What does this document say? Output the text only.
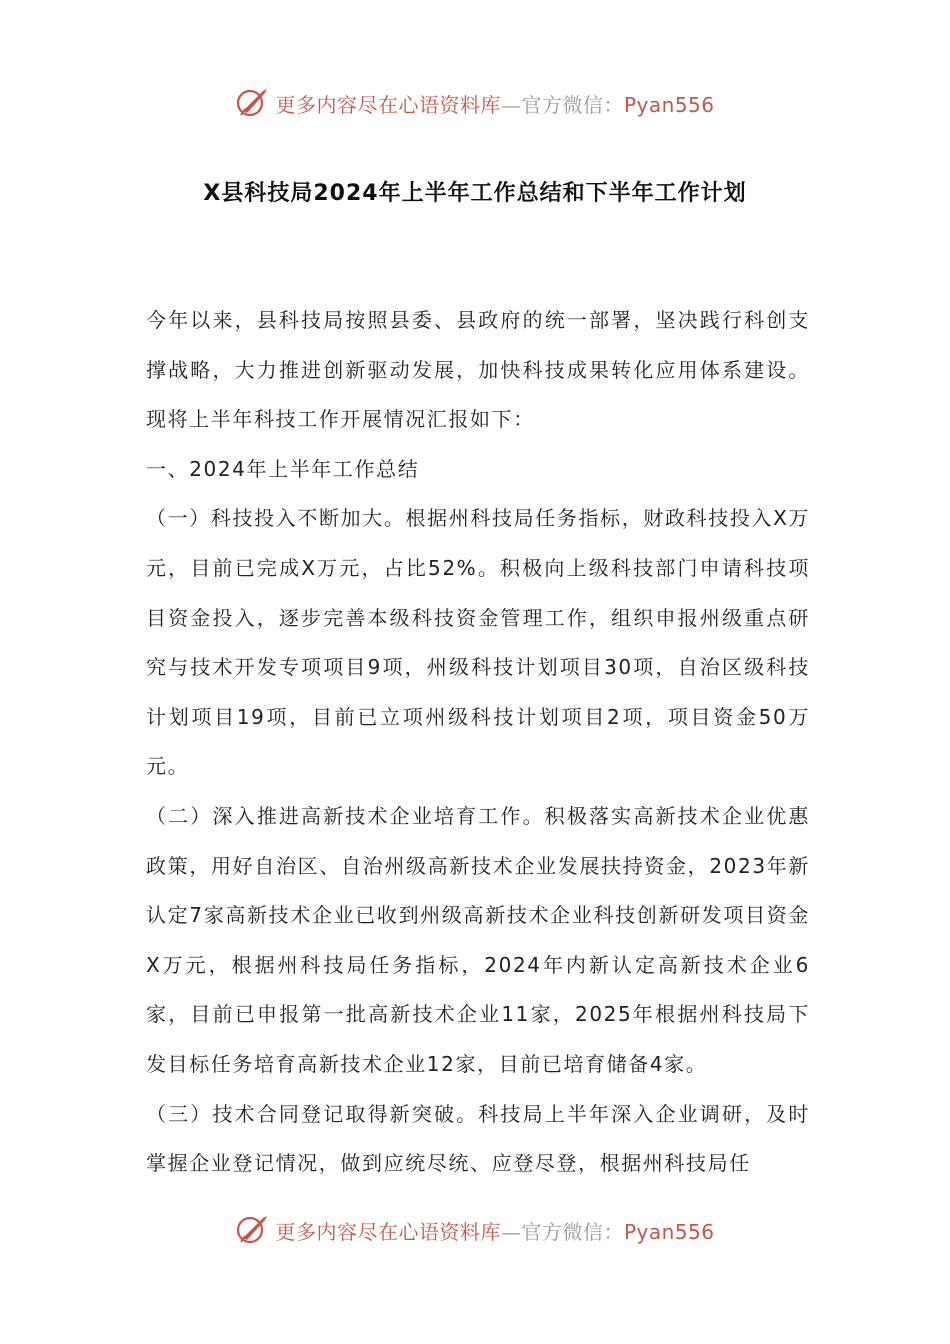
更多内容尽在心语资料库—官方微信：Pyan556
X县科技局2024年上半年工作总结和下半年工作计划

今年以来，县科技局按照县委、县政府的统一部署，坚决践行科创支撑战略，大力推进创新驱动发展，加快科技成果转化应用体系建设。现将上半年科技工作开展情况汇报如下：

一、2024年上半年工作总结

（一）科技投入不断加大。根据州科技局任务指标，财政科技投入X万元，目前已完成X万元，占比52%。积极向上级科技部门申请科技项目资金投入，逐步完善本级科技资金管理工作，组织申报州级重点研究与技术开发专项项目9项，州级科技计划项目30项，自治区级科技计划项目19项，目前已立项州级科技计划项目2项，项目资金50万元。

（二）深入推进高新技术企业培育工作。积极落实高新技术企业优惠政策，用好自治区、自治州级高新技术企业发展扶持资金，2023年新认定7家高新技术企业已收到州级高新技术企业科技创新研发项目资金X万元，根据州科技局任务指标，2024年内新认定高新技术企业6家，目前已申报第一批高新技术企业11家，2025年根据州科技局下发目标任务培育高新技术企业12家，目前已培育储备4家。

（三）技术合同登记取得新突破。科技局上半年深入企业调研，及时掌握企业登记情况，做到应统尽统、应登尽登，根据州科技局任

更多内容尽在心语资料库—官方微信：Pyan556
